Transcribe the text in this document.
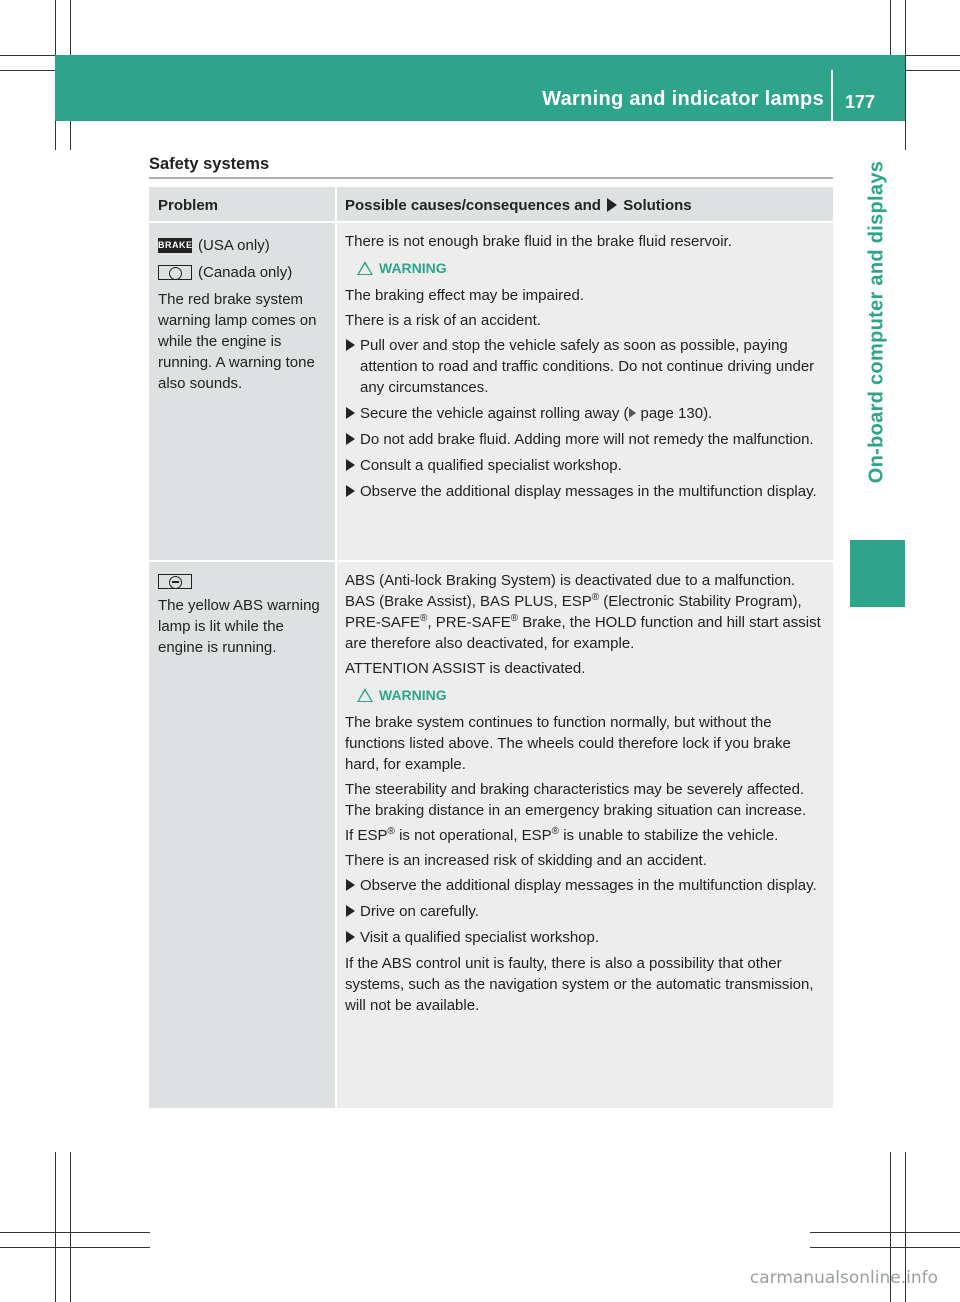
Warning and indicator lamps 177
On-board computer and displays
Safety systems
Problem	Possible causes/consequences and Solutions
BRAKE (USA only)
(Canada only)

The red brake system warning lamp comes on while the engine is running. A warning tone also sounds.

There is not enough brake fluid in the brake fluid reservoir.

WARNING

The braking effect may be impaired.

There is a risk of an accident.

Pull over and stop the vehicle safely as soon as possible, paying attention to road and traffic conditions. Do not continue driving under any circumstances.
Secure the vehicle against rolling away ( page 130).
Do not add brake fluid. Adding more will not remedy the malfunction.
Consult a qualified specialist workshop.
Observe the additional display messages in the multifunction display.

The yellow ABS warning lamp is lit while the engine is running.

ABS (Anti-lock Braking System) is deactivated due to a malfunction. BAS (Brake Assist), BAS PLUS, ESP® (Electronic Stability Program), PRE-SAFE®, PRE-SAFE® Brake, the HOLD function and hill start assist are therefore also deactivated, for example.

ATTENTION ASSIST is deactivated.

WARNING

The brake system continues to function normally, but without the functions listed above. The wheels could therefore lock if you brake hard, for example.

The steerability and braking characteristics may be severely affected. The braking distance in an emergency braking situation can increase.

If ESP® is not operational, ESP® is unable to stabilize the vehicle.

There is an increased risk of skidding and an accident.

Observe the additional display messages in the multifunction display.
Drive on carefully.
Visit a qualified specialist workshop.

If the ABS control unit is faulty, there is also a possibility that other systems, such as the navigation system or the automatic transmission, will not be available.

carmanualsonline.info
